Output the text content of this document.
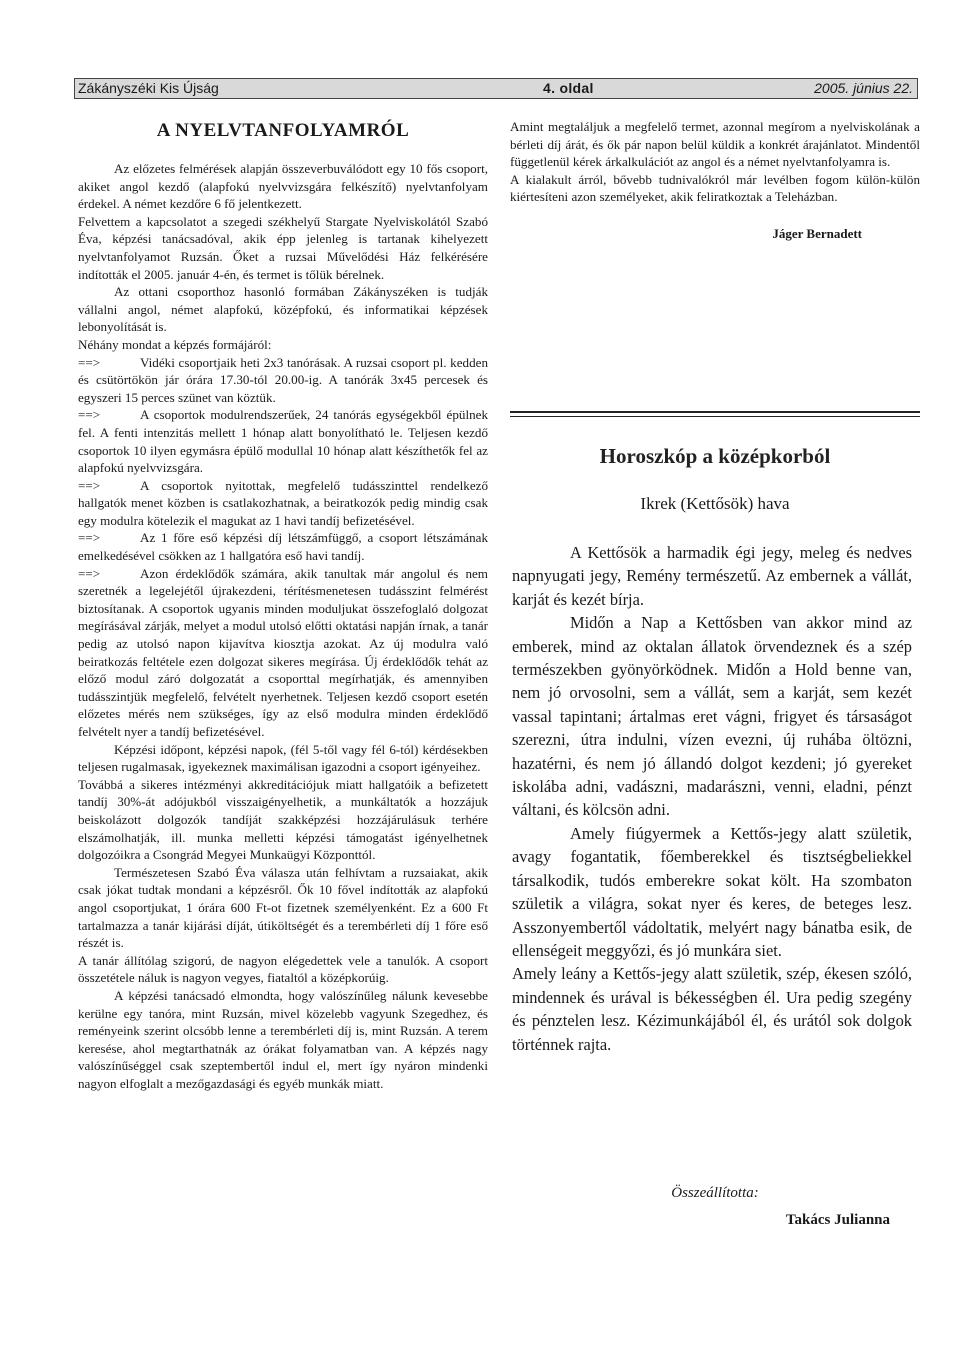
Zákányszéki Kis Újság	4. oldal	2005. június 22.
A NYELVTANFOLYAMRÓL

Az előzetes felmérések alapján összeverbuválódott egy 10 fős csoport, akiket angol kezdő (alapfokú nyelvvizsgára felkészítő) nyelvtanfolyam érdekel. A német kezdőre 6 fő jelentkezett.

Felvettem a kapcsolatot a szegedi székhelyű Stargate Nyelviskolától Szabó Éva, képzési tanácsadóval, akik épp jelenleg is tartanak kihelyezett nyelvtanfolyamot Ruzsán. Őket a ruzsai Művelődési Ház felkérésére indították el 2005. január 4-én, és termet is tőlük bérelnek.

Az ottani csoporthoz hasonló formában Zákányszéken is tudják vállalni angol, német alapfokú, középfokú, és informatikai képzések lebonyolítását is.

Néhány mondat a képzés formájáról:

==>	Vidéki csoportjaik heti 2x3 tanórásak. A ruzsai csoport pl. kedden és csütörtökön jár órára 17.30-tól 20.00-ig. A tanórák 3x45 percesek és egyszeri 15 perces szünet van köztük.

==>	A csoportok modulrendszerűek, 24 tanórás egységekből épülnek fel. A fenti intenzitás mellett 1 hónap alatt bonyolítható le. Teljesen kezdő csoportok 10 ilyen egymásra épülő modullal 10 hónap alatt készíthetők fel az alapfokú nyelvvizsgára.

==>	A csoportok nyitottak, megfelelő tudásszinttel rendelkező hallgatók menet közben is csatlakozhatnak, a beiratkozók pedig mindig csak egy modulra kötelezik el magukat az 1 havi tandíj befizetésével.

==>	Az 1 főre eső képzési díj létszámfüggő, a csoport létszámának emelkedésével csökken az 1 hallgatóra eső havi tandíj.

==>	Azon érdeklődők számára, akik tanultak már angolul és nem szeretnék a legelejétől újrakezdeni, térítésmenetesen tudásszint felmérést biztosítanak. A csoportok ugyanis minden moduljukat összefoglaló dolgozat megírásával zárják, melyet a modul utolsó előtti oktatási napján írnak, a tanár pedig az utolsó napon kijavítva kiosztja azokat. Az új modulra való beiratkozás feltétele ezen dolgozat sikeres megírása. Új érdeklődők tehát az előző modul záró dolgozatát a csoporttal megírhatják, és amennyiben tudásszintjük megfelelő, felvételt nyerhetnek. Teljesen kezdő csoport esetén előzetes mérés nem szükséges, így az első modulra minden érdeklődő felvételt nyer a tandíj befizetésével.

Képzési időpont, képzési napok, (fél 5-től vagy fél 6-tól) kérdésekben teljesen rugalmasak, igyekeznek maximálisan igazodni a csoport igényeihez.

Továbbá a sikeres intézményi akkreditációjuk miatt hallgatóik a befizetett tandíj 30%-át adójukból visszaigényelhetik, a munkáltatók a hozzájuk beiskolázott dolgozók tandíját szakképzési hozzájárulásuk terhére elszámolhatják, ill. munka melletti képzési támogatást igényelhetnek dolgozóikra a Csongrád Megyei Munkaügyi Központtól.

Természetesen Szabó Éva válasza után felhívtam a ruzsaiakat, akik csak jókat tudtak mondani a képzésről. Ők 10 fővel indították az alapfokú angol csoportjukat, 1 órára 600 Ft-ot fizetnek személyenként. Ez a 600 Ft tartalmazza a tanár kijárási díját, útiköltségét és a terembérleti díj 1 főre eső részét is.

A tanár állítólag szigorú, de nagyon elégedettek vele a tanulók. A csoport összetétele náluk is nagyon vegyes, fiataltól a középkorúig.

A képzési tanácsadó elmondta, hogy valószínűleg nálunk kevesebbe kerülne egy tanóra, mint Ruzsán, mivel közelebb vagyunk Szegedhez, és reményeink szerint olcsóbb lenne a terembérleti díj is, mint Ruzsán. A terem keresése, ahol megtarthatnák az órákat folyamatban van. A képzés nagy valószínűséggel csak szeptembertől indul el, mert így nyáron mindenki nagyon elfoglalt a mezőgazdasági és egyéb munkák miatt.

Amint megtaláljuk a megfelelő termet, azonnal megírom a nyelviskolának a bérleti díj árát, és ők pár napon belül küldik a konkrét árajánlatot. Mindentől függetlenül kérek árkalkulációt az angol és a német nyelvtanfolyamra is.

A kialakult árról, bővebb tudnivalókról már levélben fogom külön-külön kiértesíteni azon személyeket, akik feliratkoztak a Teleházban.

Jáger Bernadett
Horoszkóp a középkorból
Ikrek (Kettősök) hava

A Kettősök a harmadik égi jegy, meleg és nedves napnyugati jegy, Remény természetű. Az embernek a vállát, karját és kezét bírja.

Midőn a Nap a Kettősben van akkor mind az emberek, mind az oktalan állatok örvendeznek és a szép természekben gyönyörködnek. Midőn a Hold benne van, nem jó orvosolni, sem a vállát, sem a karját, sem kezét vassal tapintani; ártalmas eret vágni, frigyet és társaságot szerezni, útra indulni, vízen evezni, új ruhába öltözni, hazatérni, és nem jó állandó dolgot kezdeni; jó gyereket iskolába adni, vadászni, madarászni, venni, eladni, pénzt váltani, és kölcsön adni.

Amely fiúgyermek a Kettős-jegy alatt születik, avagy fogantatik, főemberekkel és tisztségbeliekkel társalkodik, tudós emberekre sokat költ. Ha szombaton születik a világra, sokat nyer és keres, de beteges lesz. Asszonyembertől vádoltatik, melyért nagy bánatba esik, de ellenségeit meggyőzi, és jó munkára siet.

Amely leány a Kettős-jegy alatt születik, szép, ékesen szóló, mindennek és urával is békességben él. Ura pedig szegény és pénztelen lesz. Kézimunkájából él, és urától sok dolgok történnek rajta.

Összeállította:
Takács Julianna
